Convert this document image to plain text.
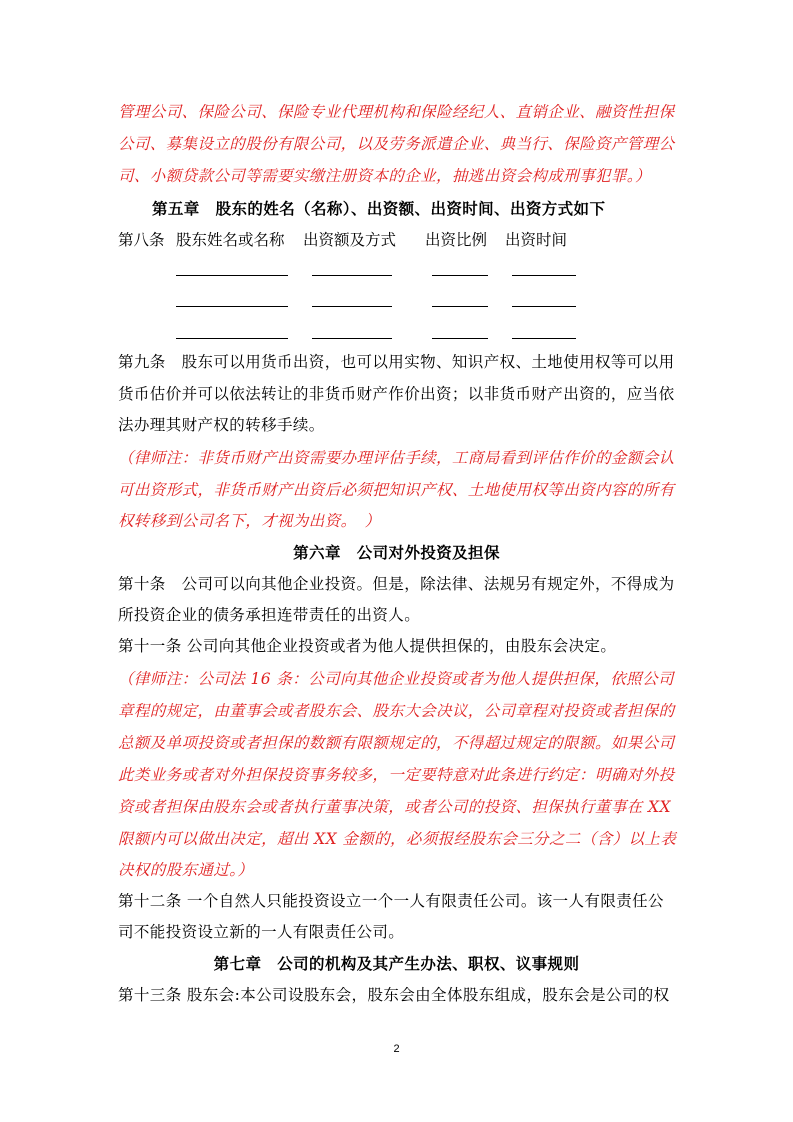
管理公司、保险公司、保险专业代理机构和保险经纪人、直销企业、融资性担保
公司、募集设立的股份有限公司，以及劳务派遣企业、典当行、保险资产管理公
司、小额贷款公司等需要实缴注册资本的企业，抽逃出资会构成刑事犯罪。）
第五章　股东的姓名（名称）、出资额、出资时间、出资方式如下
第八条 股东姓名或名称 出资额及方式 出资比例 出资时间
第九条　股东可以用货币出资，也可以用实物、知识产权、土地使用权等可以用
货币估价并可以依法转让的非货币财产作价出资；以非货币财产出资的，应当依
法办理其财产权的转移手续。
（律师注：非货币财产出资需要办理评估手续，工商局看到评估作价的金额会认
可出资形式，非货币财产出资后必须把知识产权、土地使用权等出资内容的所有
权转移到公司名下，才视为出资。　）
第六章　公司对外投资及担保
第十条　公司可以向其他企业投资。但是，除法律、法规另有规定外，不得成为
所投资企业的债务承担连带责任的出资人。
第十一条 公司向其他企业投资或者为他人提供担保的，由股东会决定。
（律师注：公司法 16 条：公司向其他企业投资或者为他人提供担保，依照公司
章程的规定，由董事会或者股东会、股东大会决议，公司章程对投资或者担保的
总额及单项投资或者担保的数额有限额规定的，不得超过规定的限额。如果公司
此类业务或者对外担保投资事务较多，一定要特意对此条进行约定：明确对外投
资或者担保由股东会或者执行董事决策，或者公司的投资、担保执行董事在 XX
限额内可以做出决定，超出 XX 金额的，必须报经股东会三分之二（含）以上表
决权的股东通过。）
第十二条 一个自然人只能投资设立一个一人有限责任公司。该一人有限责任公
司不能投资设立新的一人有限责任公司。
第七章　公司的机构及其产生办法、职权、议事规则
第十三条 股东会:本公司设股东会，股东会由全体股东组成，股东会是公司的权
2
